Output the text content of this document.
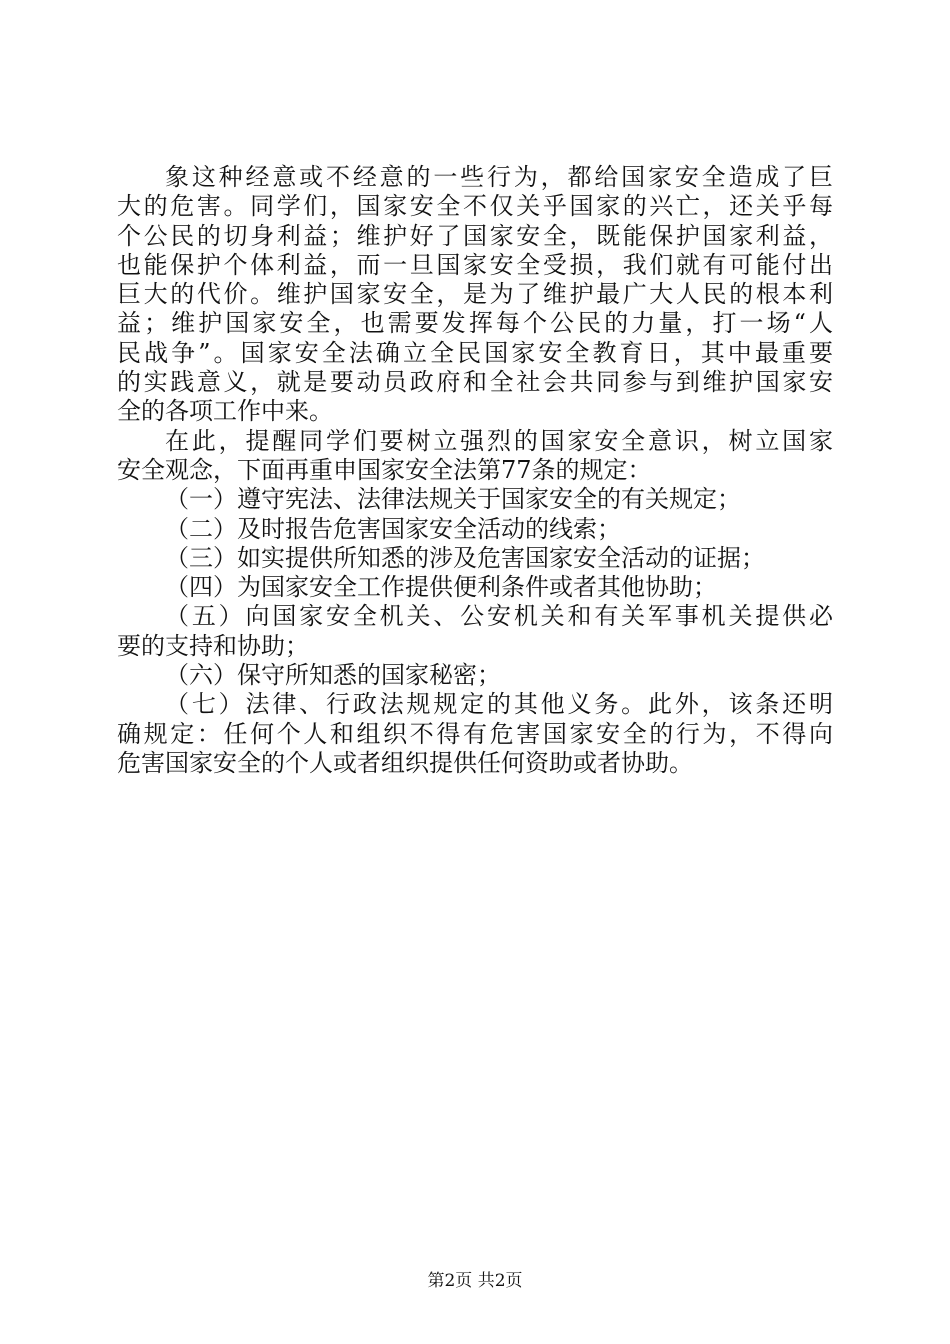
象这种经意或不经意的一些行为，都给国家安全造成了巨
大的危害。同学们，国家安全不仅关乎国家的兴亡，还关乎每
个公民的切身利益；维护好了国家安全，既能保护国家利益，
也能保护个体利益，而一旦国家安全受损，我们就有可能付出
巨大的代价。维护国家安全，是为了维护最广大人民的根本利
益；维护国家安全，也需要发挥每个公民的力量，打一场“人
民战争”。国家安全法确立全民国家安全教育日，其中最重要
的实践意义，就是要动员政府和全社会共同参与到维护国家安
全的各项工作中来。
在此，提醒同学们要树立强烈的国家安全意识，树立国家
安全观念，下面再重申国家安全法第77条的规定：
（一）遵守宪法、法律法规关于国家安全的有关规定；
（二）及时报告危害国家安全活动的线索；
（三）如实提供所知悉的涉及危害国家安全活动的证据；
（四）为国家安全工作提供便利条件或者其他协助；
（五）向国家安全机关、公安机关和有关军事机关提供必
要的支持和协助；
（六）保守所知悉的国家秘密；
（七）法律、行政法规规定的其他义务。此外，该条还明
确规定：任何个人和组织不得有危害国家安全的行为，不得向
危害国家安全的个人或者组织提供任何资助或者协助。
第2页 共2页
